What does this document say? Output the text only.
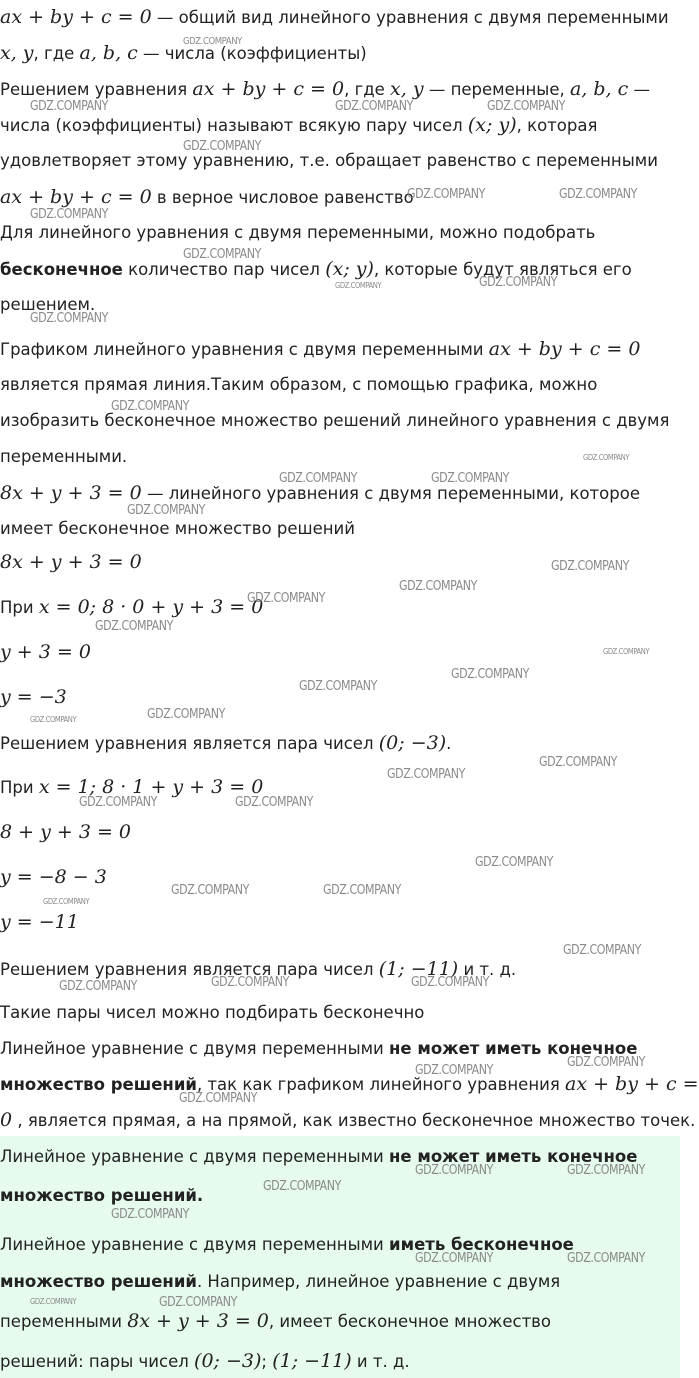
ax + by + c = 0 — общий вид линейного уравнения с двумя переменными
x, y, где a, b, c — числа (коэффициенты)
Решением уравнения ax + by + c = 0, где x, y — переменные, a, b, c —
числа (коэффициенты) называют всякую пару чисел (x; y), которая
удовлетворяет этому уравнению, т.е. обращает равенство с переменными
ax + by + c = 0 в верное числовое равенство
Для линейного уравнения с двумя переменными, можно подобрать
бесконечное количество пар чисел (x; y), которые будут являться его
решением.
Графиком линейного уравнения с двумя переменными ax + by + c = 0
является прямая линия.Таким образом, с помощью графика, можно
изобразить бесконечное множество решений линейного уравнения с двумя
переменными.
8x + y + 3 = 0 — линейного уравнения с двумя переменными, которое
имеет бесконечное множество решений
8x + y + 3 = 0
При x = 0; 8 · 0 + y + 3 = 0
y + 3 = 0
y = −3
Решением уравнения является пара чисел (0; −3).
При x = 1; 8 · 1 + y + 3 = 0
8 + y + 3 = 0
y = −8 − 3
y = −11
Решением уравнения является пара чисел (1; −11) и т. д.
Такие пары чисел можно подбирать бесконечно
Линейное уравнение с двумя переменными не может иметь конечное
множество решений, так как графиком линейного уравнения ax + by + c =
0 , является прямая, а на прямой, как известно бесконечное множество точек.
Линейное уравнение с двумя переменными не может иметь конечное
множество решений.
Линейное уравнение с двумя переменными иметь бесконечное
множество решений. Например, линейное уравнение с двумя
переменными 8x + y + 3 = 0, имеет бесконечное множество
решений: пары чисел (0; −3); (1; −11) и т. д.
GDZ.COMPANY
GDZ.COMPANY	GDZ.COMPANY	GDZ.COMPANY
GDZ.COMPANY
GDZ.COMPANY	GDZ.COMPANY
GDZ.COMPANY
GDZ.COMPANY
GDZ.COMPANY	GDZ.COMPANY
GDZ.COMPANY
GDZ.COMPANY
GDZ.COMPANY
GDZ.COMPANY	GDZ.COMPANY
GDZ.COMPANY
GDZ.COMPANY
GDZ.COMPANY
GDZ.COMPANY
GDZ.COMPANY
GDZ.COMPANY
GDZ.COMPANY
GDZ.COMPANY
GDZ.COMPANY
GDZ.COMPANY
GDZ.COMPANY
GDZ.COMPANY
GDZ.COMPANY	GDZ.COMPANY
GDZ.COMPANY
GDZ.COMPANY	GDZ.COMPANY
GDZ.COMPANY
GDZ.COMPANY
GDZ.COMPANY	GDZ.COMPANY	GDZ.COMPANY
GDZ.COMPANY
GDZ.COMPANY
GDZ.COMPANY
GDZ.COMPANY	GDZ.COMPANY
GDZ.COMPANY
GDZ.COMPANY
GDZ.COMPANY	GDZ.COMPANY
GDZ.COMPANY
GDZ.COMPANY
